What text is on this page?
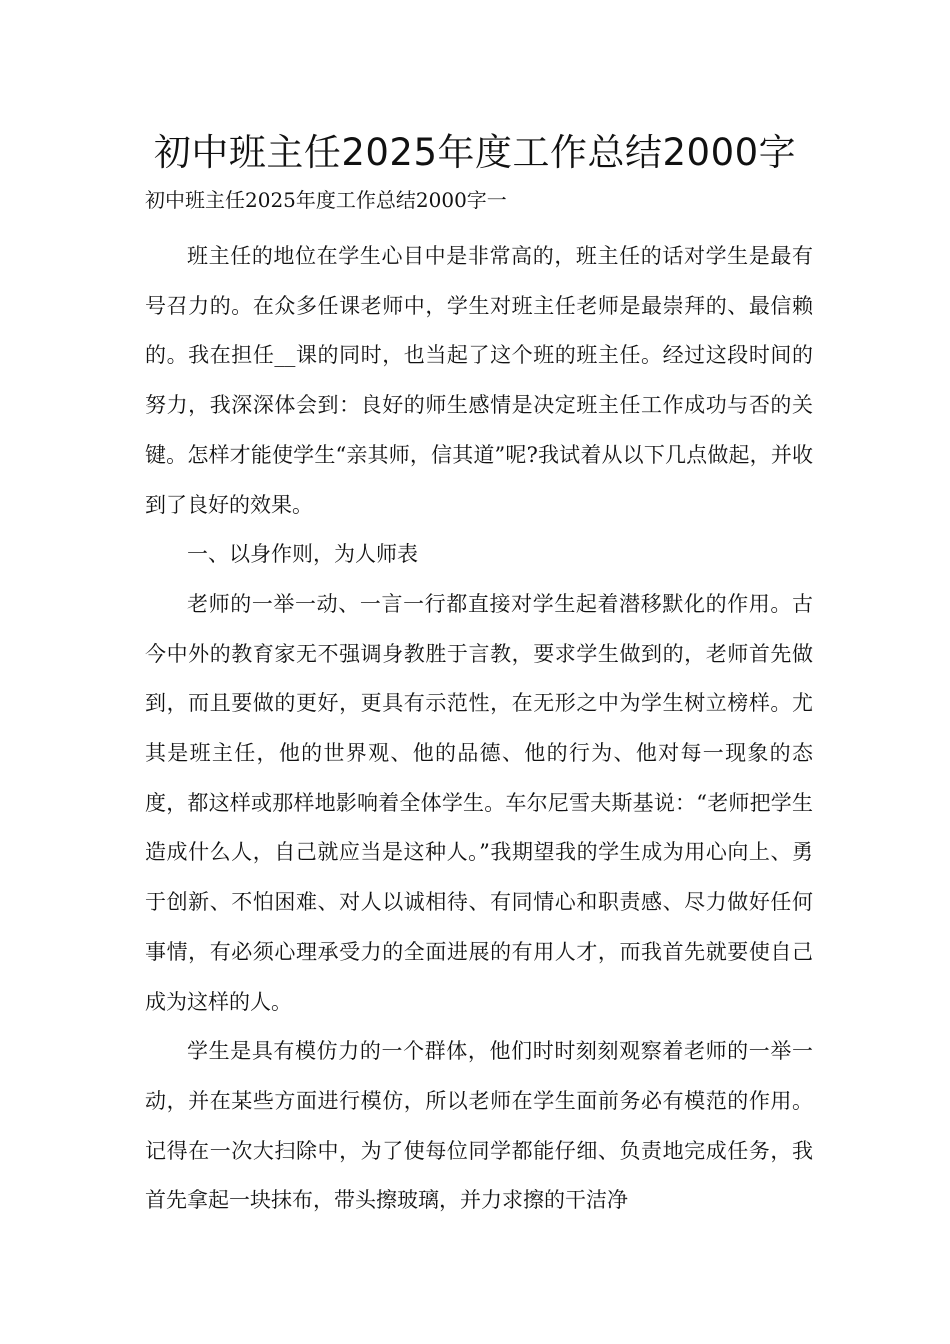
初中班主任2025年度工作总结2000字
初中班主任2025年度工作总结2000字一

班主任的地位在学生心目中是非常高的，班主任的话对学生是最有号召力的。在众多任课老师中，学生对班主任老师是最崇拜的、最信赖的。我在担任__课的同时，也当起了这个班的班主任。经过这段时间的努力，我深深体会到：良好的师生感情是决定班主任工作成功与否的关键。怎样才能使学生“亲其师，信其道”呢?我试着从以下几点做起，并收到了良好的效果。

一、以身作则，为人师表

老师的一举一动、一言一行都直接对学生起着潜移默化的作用。古今中外的教育家无不强调身教胜于言教，要求学生做到的，老师首先做到，而且要做的更好，更具有示范性，在无形之中为学生树立榜样。尤其是班主任，他的世界观、他的品德、他的行为、他对每一现象的态度，都这样或那样地影响着全体学生。车尔尼雪夫斯基说：“老师把学生造成什么人，自己就应当是这种人。”我期望我的学生成为用心向上、勇于创新、不怕困难、对人以诚相待、有同情心和职责感、尽力做好任何事情，有必须心理承受力的全面进展的有用人才，而我首先就要使自己成为这样的人。

学生是具有模仿力的一个群体，他们时时刻刻观察着老师的一举一动，并在某些方面进行模仿，所以老师在学生面前务必有模范的作用。记得在一次大扫除中，为了使每位同学都能仔细、负责地完成任务，我首先拿起一块抹布，带头擦玻璃，并力求擦的干洁净
